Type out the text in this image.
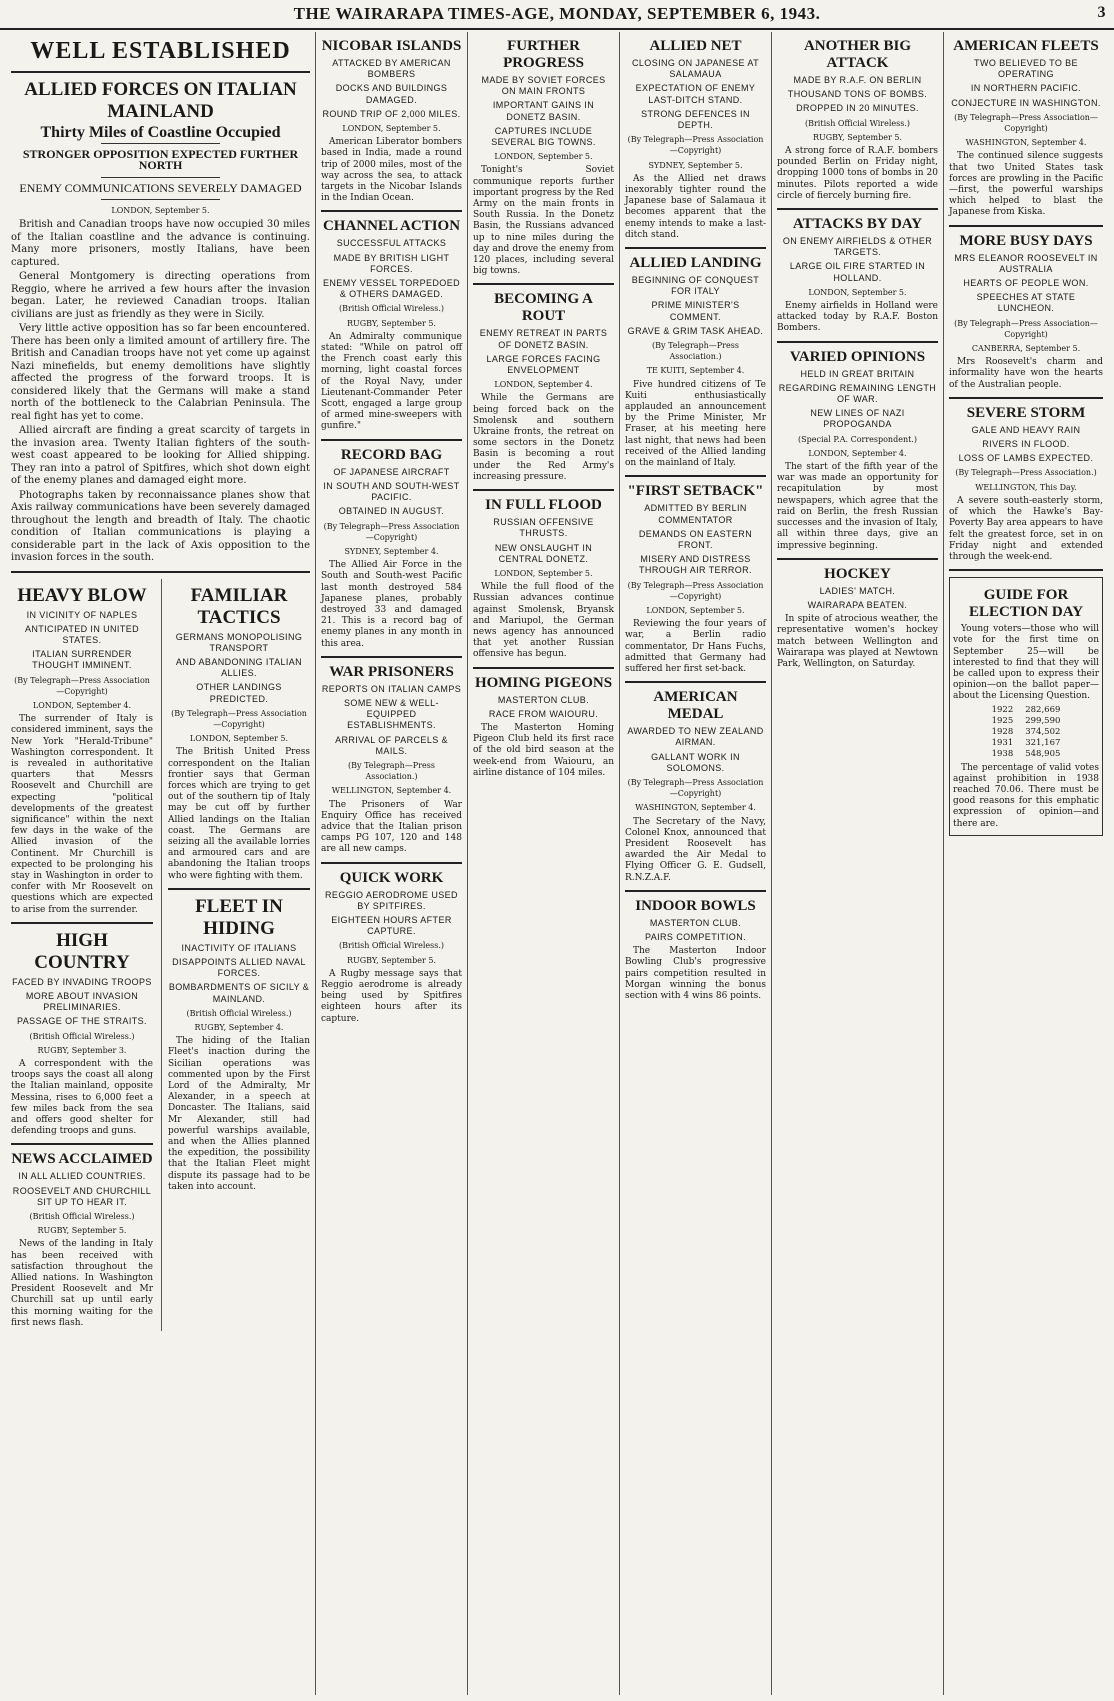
THE WAIRARAPA TIMES-AGE, MONDAY, SEPTEMBER 6, 1943.	3
WELL ESTABLISHED
ALLIED FORCES ON ITALIAN MAINLAND
Thirty Miles of Coastline Occupied
STRONGER OPPOSITION EXPECTED FURTHER NORTH
ENEMY COMMUNICATIONS SEVERELY DAMAGED
LONDON, September 5.

British and Canadian troops have now occupied 30 miles of the Italian coastline and the advance is continuing. Many more prisoners, mostly Italians, have been captured.

General Montgomery is directing operations from Reggio, where he arrived a few hours after the invasion began. Later, he reviewed Canadian troops. Italian civilians are just as friendly as they were in Sicily.

Very little active opposition has so far been encountered. There has been only a limited amount of artillery fire. The British and Canadian troops have not yet come up against Nazi minefields, but enemy demolitions have slightly affected the progress of the forward troops. It is considered likely that the Germans will make a stand north of the bottleneck to the Calabrian Peninsula. The real fight has yet to come.

Allied aircraft are finding a great scarcity of targets in the invasion area. Twenty Italian fighters of the south-west coast appeared to be looking for Allied shipping. They ran into a patrol of Spitfires, which shot down eight of the enemy planes and damaged eight more.

Photographs taken by reconnaissance planes show that Axis railway communications have been severely damaged throughout the length and breadth of Italy. The chaotic condition of Italian communications is playing a considerable part in the lack of Axis opposition to the invasion forces in the south.

HEAVY BLOW
IN VICINITY OF NAPLES
ANTICIPATED IN UNITED STATES.
ITALIAN SURRENDER THOUGHT IMMINENT.
(By Telegraph—Press Association—Copyright)
LONDON, September 4.

The surrender of Italy is considered imminent, says the New York "Herald-Tribune" Washington correspondent. It is revealed in authoritative quarters that Messrs Roosevelt and Churchill are expecting "political developments of the greatest significance" within the next few days in the wake of the Allied invasion of the Continent. Mr Churchill is expected to be prolonging his stay in Washington in order to confer with Mr Roosevelt on questions which are expected to arise from the surrender.

HIGH COUNTRY
FACED BY INVADING TROOPS
MORE ABOUT INVASION PRELIMINARIES.
PASSAGE OF THE STRAITS.
(British Official Wireless.)
RUGBY, September 3.

A correspondent with the troops says the coast all along the Italian mainland, opposite Messina, rises to 6,000 feet a few miles back from the sea and offers good shelter for defending troops and guns.

NEWS ACCLAIMED
IN ALL ALLIED COUNTRIES.
ROOSEVELT AND CHURCHILL SIT UP TO HEAR IT.
(British Official Wireless.)
RUGBY, September 5.

News of the landing in Italy has been received with satisfaction throughout the Allied nations. In Washington President Roosevelt and Mr Churchill sat up until early this morning waiting for the first news flash.

FAMILIAR TACTICS
GERMANS MONOPOLISING TRANSPORT
AND ABANDONING ITALIAN ALLIES.
OTHER LANDINGS PREDICTED.
(By Telegraph—Press Association—Copyright)
LONDON, September 5.

The British United Press correspondent on the Italian frontier says that German forces which are trying to get out of the southern tip of Italy may be cut off by further Allied landings on the Italian coast. The Germans are seizing all the available lorries and armoured cars and are abandoning the Italian troops who were fighting with them.

FLEET IN HIDING
INACTIVITY OF ITALIANS
DISAPPOINTS ALLIED NAVAL FORCES.
BOMBARDMENTS OF SICILY & MAINLAND.
(British Official Wireless.)
RUGBY, September 4.

The hiding of the Italian Fleet's inaction during the Sicilian operations was commented upon by the First Lord of the Admiralty, Mr Alexander, in a speech at Doncaster. The Italians, said Mr Alexander, still had powerful warships available, and when the Allies planned the expedition, the possibility that the Italian Fleet might dispute its passage had to be taken into account.

NICOBAR ISLANDS
ATTACKED BY AMERICAN BOMBERS
DOCKS AND BUILDINGS DAMAGED.
ROUND TRIP OF 2,000 MILES.
LONDON, September 5.

American Liberator bombers based in India, made a round trip of 2000 miles, most of the way across the sea, to attack targets in the Nicobar Islands in the Indian Ocean.

CHANNEL ACTION
SUCCESSFUL ATTACKS
MADE BY BRITISH LIGHT FORCES.
ENEMY VESSEL TORPEDOED & OTHERS DAMAGED.
(British Official Wireless.)
RUGBY, September 5.

An Admiralty communique stated: "While on patrol off the French coast early this morning, light coastal forces of the Royal Navy, under Lieutenant-Commander Peter Scott, engaged a large group of armed mine-sweepers with gunfire."

RECORD BAG
OF JAPANESE AIRCRAFT
IN SOUTH AND SOUTH-WEST PACIFIC.
OBTAINED IN AUGUST.
(By Telegraph—Press Association—Copyright)
SYDNEY, September 4.

The Allied Air Force in the South and South-west Pacific last month destroyed 584 Japanese planes, probably destroyed 33 and damaged 21. This is a record bag of enemy planes in any month in this area.

WAR PRISONERS
REPORTS ON ITALIAN CAMPS
SOME NEW & WELL-EQUIPPED ESTABLISHMENTS.
ARRIVAL OF PARCELS & MAILS.
(By Telegraph—Press Association.)
WELLINGTON, September 4.

The Prisoners of War Enquiry Office has received advice that the Italian prison camps PG 107, 120 and 148 are all new camps.

QUICK WORK
REGGIO AERODROME USED BY SPITFIRES.
EIGHTEEN HOURS AFTER CAPTURE.
(British Official Wireless.)
RUGBY, September 5.

A Rugby message says that Reggio aerodrome is already being used by Spitfires eighteen hours after its capture.

FURTHER PROGRESS
MADE BY SOVIET FORCES ON MAIN FRONTS
IMPORTANT GAINS IN DONETZ BASIN.
CAPTURES INCLUDE SEVERAL BIG TOWNS.
LONDON, September 5.

Tonight's Soviet communique reports further important progress by the Red Army on the main fronts in South Russia. In the Donetz Basin, the Russians advanced up to nine miles during the day and drove the enemy from 120 places, including several big towns.

BECOMING A ROUT
ENEMY RETREAT IN PARTS OF DONETZ BASIN.
LARGE FORCES FACING ENVELOPMENT
LONDON, September 4.

While the Germans are being forced back on the Smolensk and southern Ukraine fronts, the retreat on some sectors in the Donetz Basin is becoming a rout under the Red Army's increasing pressure.

IN FULL FLOOD
RUSSIAN OFFENSIVE THRUSTS.
NEW ONSLAUGHT IN CENTRAL DONETZ.
LONDON, September 5.

While the full flood of the Russian advances continue against Smolensk, Bryansk and Mariupol, the German news agency has announced that yet another Russian offensive has begun.

HOMING PIGEONS
MASTERTON CLUB.
RACE FROM WAIOURU.

The Masterton Homing Pigeon Club held its first race of the old bird season at the week-end from Waiouru, an airline distance of 104 miles.

ALLIED NET
CLOSING ON JAPANESE AT SALAMAUA
EXPECTATION OF ENEMY LAST-DITCH STAND.
STRONG DEFENCES IN DEPTH.
(By Telegraph—Press Association—Copyright)
SYDNEY, September 5.

As the Allied net draws inexorably tighter round the Japanese base of Salamaua it becomes apparent that the enemy intends to make a last-ditch stand.

ALLIED LANDING
BEGINNING OF CONQUEST FOR ITALY
PRIME MINISTER'S COMMENT.
GRAVE & GRIM TASK AHEAD.
(By Telegraph—Press Association.)
TE KUITI, September 4.

Five hundred citizens of Te Kuiti enthusiastically applauded an announcement by the Prime Minister, Mr Fraser, at his meeting here last night, that news had been received of the Allied landing on the mainland of Italy.

"FIRST SETBACK"
ADMITTED BY BERLIN COMMENTATOR
DEMANDS ON EASTERN FRONT.
MISERY AND DISTRESS THROUGH AIR TERROR.
(By Telegraph—Press Association—Copyright)
LONDON, September 5.

Reviewing the four years of war, a Berlin radio commentator, Dr Hans Fuchs, admitted that Germany had suffered her first set-back.

AMERICAN MEDAL
AWARDED TO NEW ZEALAND AIRMAN.
GALLANT WORK IN SOLOMONS.
(By Telegraph—Press Association—Copyright)
WASHINGTON, September 4.

The Secretary of the Navy, Colonel Knox, announced that President Roosevelt has awarded the Air Medal to Flying Officer G. E. Gudsell, R.N.Z.A.F.

INDOOR BOWLS
MASTERTON CLUB.
PAIRS COMPETITION.

The Masterton Indoor Bowling Club's progressive pairs competition resulted in Morgan winning the bonus section with 4 wins 86 points.

ANOTHER BIG ATTACK
MADE BY R.A.F. ON BERLIN
THOUSAND TONS OF BOMBS.
DROPPED IN 20 MINUTES.
(British Official Wireless.)
RUGBY, September 5.

A strong force of R.A.F. bombers pounded Berlin on Friday night, dropping 1000 tons of bombs in 20 minutes. Pilots reported a wide circle of fiercely burning fire.

ATTACKS BY DAY
ON ENEMY AIRFIELDS & OTHER TARGETS.
LARGE OIL FIRE STARTED IN HOLLAND.
LONDON, September 5.

Enemy airfields in Holland were attacked today by R.A.F. Boston Bombers.

VARIED OPINIONS
HELD IN GREAT BRITAIN
REGARDING REMAINING LENGTH OF WAR.
NEW LINES OF NAZI PROPOGANDA
(Special P.A. Correspondent.)
LONDON, September 4.

The start of the fifth year of the war was made an opportunity for recapitulation by most newspapers, which agree that the raid on Berlin, the fresh Russian successes and the invasion of Italy, all within three days, give an impressive beginning.

HOCKEY
LADIES' MATCH.
WAIRARAPA BEATEN.

In spite of atrocious weather, the representative women's hockey match between Wellington and Wairarapa was played at Newtown Park, Wellington, on Saturday.

AMERICAN FLEETS
TWO BELIEVED TO BE OPERATING
IN NORTHERN PACIFIC.
CONJECTURE IN WASHINGTON.
(By Telegraph—Press Association—Copyright)
WASHINGTON, September 4.

The continued silence suggests that two United States task forces are prowling in the Pacific—first, the powerful warships which helped to blast the Japanese from Kiska.

MORE BUSY DAYS
MRS ELEANOR ROOSEVELT IN AUSTRALIA
HEARTS OF PEOPLE WON.
SPEECHES AT STATE LUNCHEON.
(By Telegraph—Press Association—Copyright)
CANBERRA, September 5.

Mrs Roosevelt's charm and informality have won the hearts of the Australian people.

SEVERE STORM
GALE AND HEAVY RAIN
RIVERS IN FLOOD.
LOSS OF LAMBS EXPECTED.
(By Telegraph—Press Association.)
WELLINGTON, This Day.

A severe south-easterly storm, of which the Hawke's Bay-Poverty Bay area appears to have felt the greatest force, set in on Friday night and extended through the week-end.

GUIDE FOR ELECTION DAY

Young voters—those who will vote for the first time on September 25—will be interested to find that they will be called upon to express their opinion—on the ballot paper—about the Licensing Question.

1922	282,669
1925	299,590
1928	374,502
1931	321,167
1938	548,905

The percentage of valid votes against prohibition in 1938 reached 70.06. There must be good reasons for this emphatic expression of opinion—and there are.
